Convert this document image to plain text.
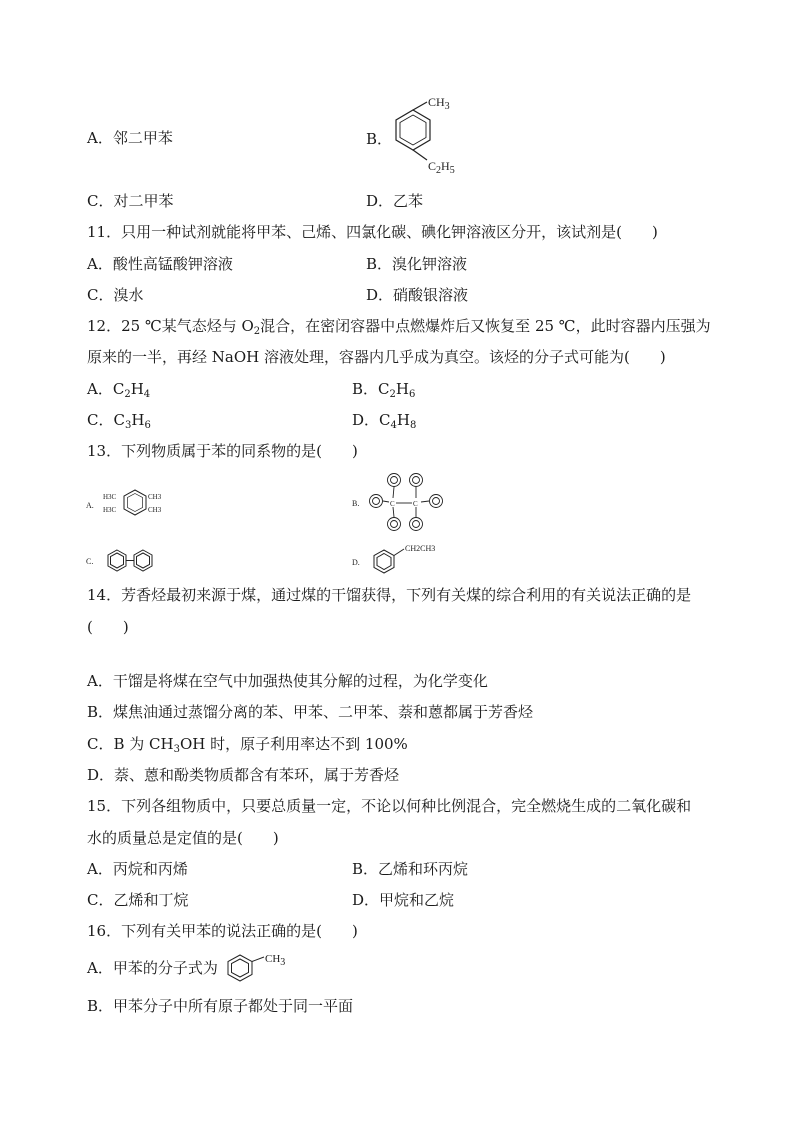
A．邻二甲苯	B．
$CH_3$
$C_2H_5$
C．对二甲苯	D．乙苯
11．只用一种试剂就能将甲苯、己烯、四氯化碳、碘化钾溶液区分开，该试剂是(　　)
A．酸性高锰酸钾溶液	B．溴化钾溶液
C．溴水	D．硝酸银溶液
12．25 ℃某气态烃与 $O_2$混合，在密闭容器中点燃爆炸后又恢复至 25 ℃，此时容器内压强为
原来的一半，再经 NaOH 溶液处理，容器内几乎成为真空。该烃的分子式可能为(　　)
A．$C_2H_4$	B．$C_2H_6$
C．$C_3H_6$	D．$C_4H_8$
13．下列物质属于苯的同系物的是(　　)
A.
H3C
H3C
CH3
CH3
B.	C	C
C.	D.
CH2CH3
14．芳香烃最初来源于煤，通过煤的干馏获得，下列有关煤的综合利用的有关说法正确的是
(　　)
A．干馏是将煤在空气中加强热使其分解的过程，为化学变化
B．煤焦油通过蒸馏分离的苯、甲苯、二甲苯、萘和蒽都属于芳香烃
C．B 为 $CH_3OH$ 时，原子利用率达不到 100%
D．萘、蒽和酚类物质都含有苯环，属于芳香烃
15．下列各组物质中，只要总质量一定，不论以何种比例混合，完全燃烧生成的二氧化碳和
水的质量总是定值的是(　　)
A．丙烷和丙烯	B．乙烯和环丙烷
C．乙烯和丁烷	D．甲烷和乙烷
16．下列有关甲苯的说法正确的是(　　)
A．甲苯的分子式为	CH3
B．甲苯分子中所有原子都处于同一平面
